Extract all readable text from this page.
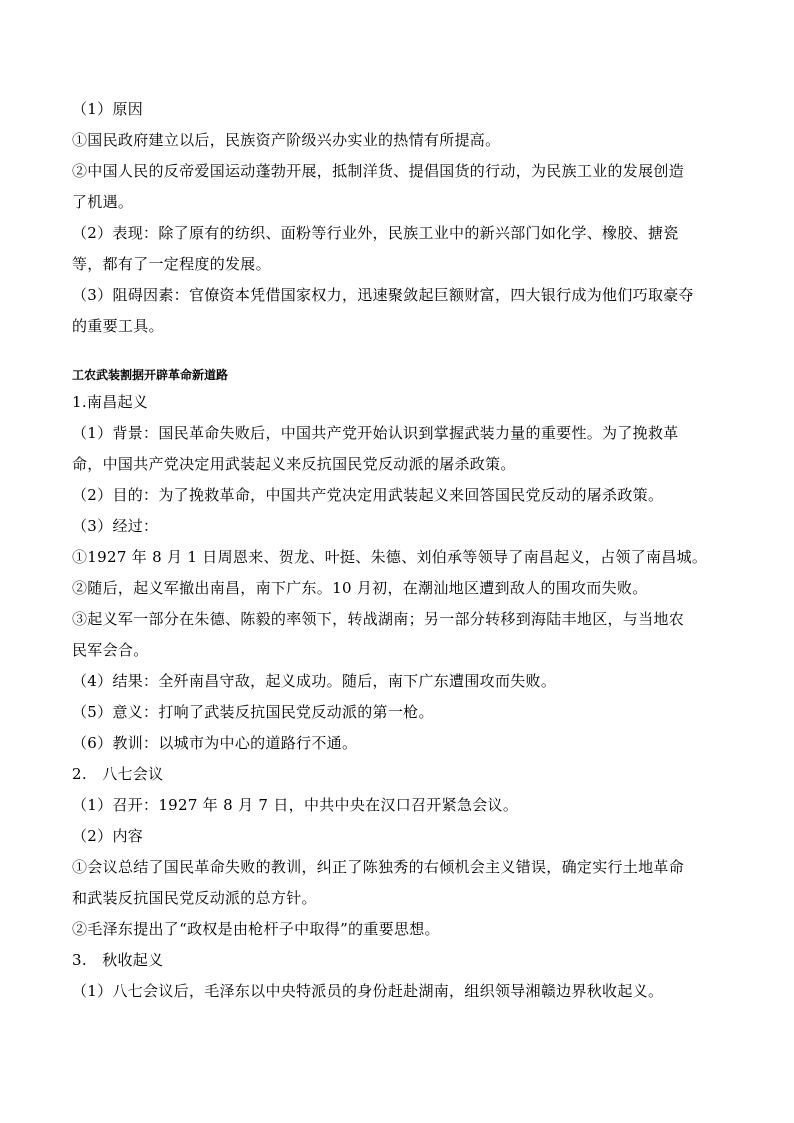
（1）原因
①国民政府建立以后，民族资产阶级兴办实业的热情有所提高。
②中国人民的反帝爱国运动蓬勃开展，抵制洋货、提倡国货的行动，为民族工业的发展创造
了机遇。
（2）表现：除了原有的纺织、面粉等行业外，民族工业中的新兴部门如化学、橡胶、搪瓷
等，都有了一定程度的发展。
（3）阻碍因素：官僚资本凭借国家权力，迅速聚敛起巨额财富，四大银行成为他们巧取豪夺
的重要工具。
工农武装割据开辟革命新道路
1.南昌起义
（1）背景：国民革命失败后，中国共产党开始认识到掌握武装力量的重要性。为了挽救革
命，中国共产党决定用武装起义来反抗国民党反动派的屠杀政策。
（2）目的：为了挽救革命，中国共产党决定用武装起义来回答国民党反动的屠杀政策。
（3）经过：
①1927 年 8 月 1 日周恩来、贺龙、叶挺、朱德、刘伯承等领导了南昌起义，占领了南昌城。
②随后，起义军撤出南昌，南下广东。10 月初，在潮汕地区遭到敌人的围攻而失败。
③起义军一部分在朱德、陈毅的率领下，转战湖南；另一部分转移到海陆丰地区，与当地农
民军会合。
（4）结果：全歼南昌守敌，起义成功。随后，南下广东遭围攻而失败。
（5）意义：打响了武装反抗国民党反动派的第一枪。
（6）教训：以城市为中心的道路行不通。
2.　八七会议
（1）召开：1927 年 8 月 7 日，中共中央在汉口召开紧急会议。
（2）内容
①会议总结了国民革命失败的教训，纠正了陈独秀的右倾机会主义错误，确定实行土地革命
和武装反抗国民党反动派的总方针。
②毛泽东提出了“政权是由枪杆子中取得”的重要思想。
3.　秋收起义
（1）八七会议后，毛泽东以中央特派员的身份赶赴湖南，组织领导湘赣边界秋收起义。
